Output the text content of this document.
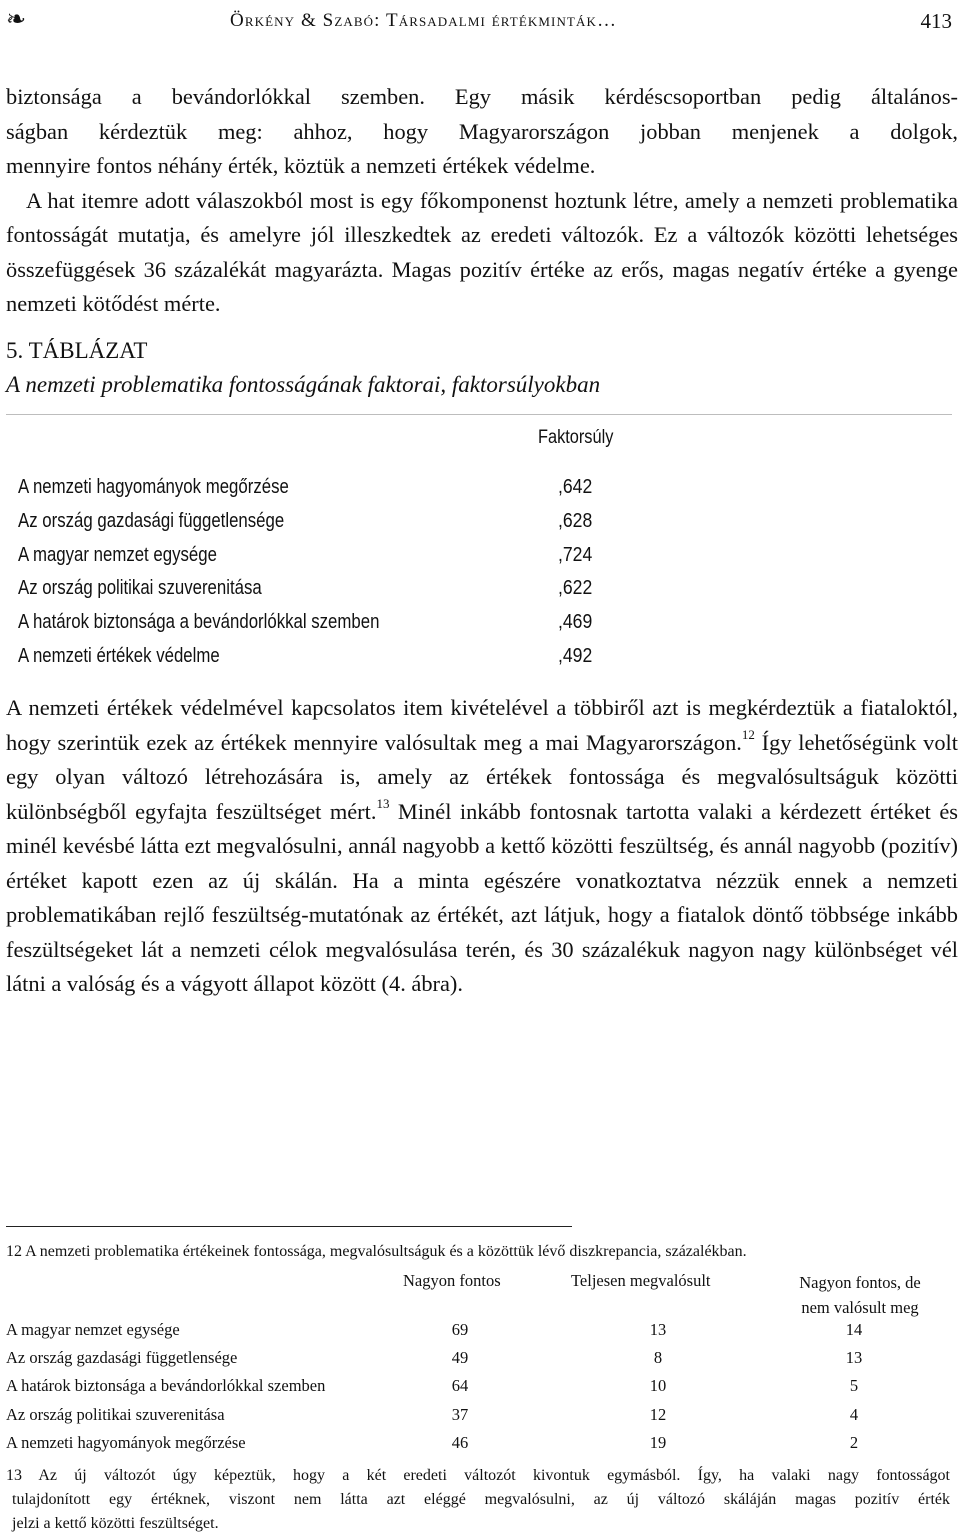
❧	Örkény & Szabó: Társadalmi értékminták…	413
biztonsága a bevándorlókkal szemben. Egy másik kérdéscsoportban pedig általános-
ságban kérdeztük meg: ahhoz, hogy Magyarországon jobban menjenek a dolgok,
mennyire fontos néhány érték, köztük a nemzeti értékek védelme.

A hat itemre adott válaszokból most is egy főkomponenst hoztunk létre, amely a nemzeti problematika fontosságát mutatja, és amelyre jól illeszkedtek az eredeti változók. Ez a változók közötti lehetséges összefüggések 36 százalékát magyarázta. Magas pozitív értéke az erős, magas negatív értéke a gyenge nemzeti kötődést mérte.

5. TÁBLÁZAT
A nemzeti problematika fontosságának faktorai, faktorsúlyokban
Faktorsúly
A nemzeti hagyományok megőrzése	,642
Az ország gazdasági függetlensége	,628
A magyar nemzet egysége	,724
Az ország politikai szuverenitása	,622
A határok biztonsága a bevándorlókkal szemben	,469
A nemzeti értékek védelme	,492

A nemzeti értékek védelmével kapcsolatos item kivételével a többiről azt is megkérdeztük a fiataloktól, hogy szerintük ezek az értékek mennyire valósultak meg a mai Magyarországon.$^{12}$ Így lehetőségünk volt egy olyan változó létrehozására is, amely az értékek fontossága és megvalósultságuk közötti különbségből egyfajta feszültséget mért.$^{13}$ Minél inkább fontosnak tartotta valaki a kérdezett értéket és minél kevésbé látta ezt megvalósulni, annál nagyobb a kettő közötti feszültség, és annál nagyobb (pozitív) értéket kapott ezen az új skálán. Ha a minta egészére vonatkoztatva nézzük ennek a nemzeti problematikában rejlő feszültség-mutatónak az értékét, azt látjuk, hogy a fiatalok döntő többsége inkább feszültségeket lát a nemzeti célok megvalósulása terén, és 30 százalékuk nagyon nagy különbséget vél látni a valóság és a vágyott állapot között (4. ábra).

12 A nemzeti problematika értékeinek fontossága, megvalósultságuk és a közöttük lévő diszkrepancia, százalékban.
Nagyon fontos	Teljesen megvalósult	Nagyon fontos, de
nem valósult meg
A magyar nemzet egysége	69	13	14
Az ország gazdasági függetlensége	49	8	13
A határok biztonsága a bevándorlókkal szemben	64	10	5
Az ország politikai szuverenitása	37	12	4
A nemzeti hagyományok megőrzése	46	19	2
13 Az új változót úgy képeztük, hogy a két eredeti változót kivontuk egymásból. Így, ha valaki nagy fontosságot
tulajdonított egy értéknek, viszont nem látta azt eléggé megvalósulni, az új változó skáláján magas pozitív érték
jelzi a kettő közötti feszültséget.
